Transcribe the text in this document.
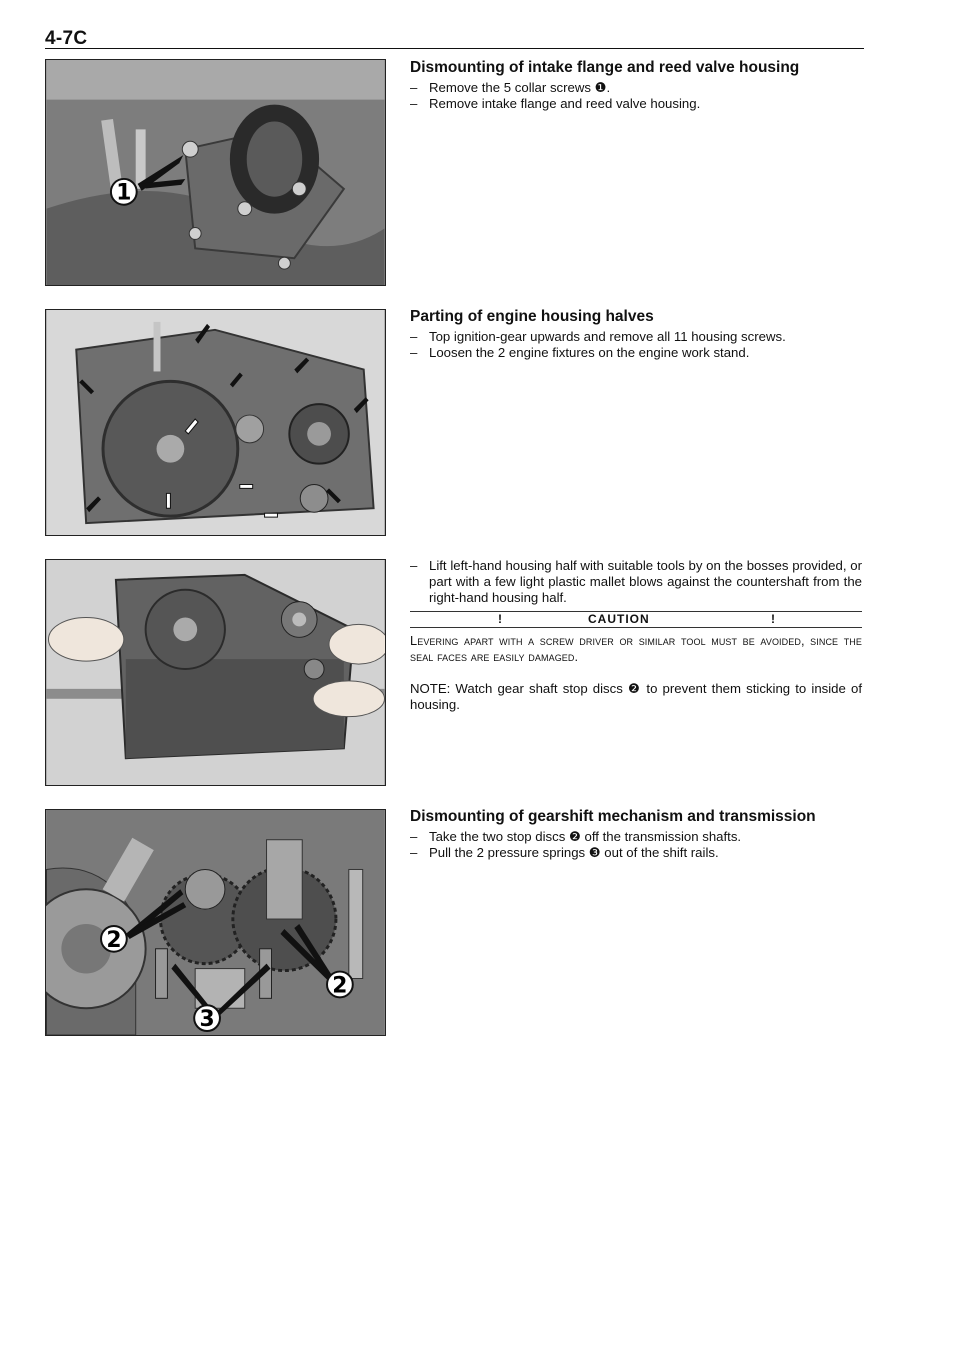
4-7C
1
2
2
3
Dismounting of intake flange and reed valve housing
– Remove the 5 collar screws ❶.
– Remove intake flange and reed valve housing.
Parting of engine housing halves
– Top ignition-gear upwards and remove all 11 housing screws.
– Loosen the 2 engine fixtures on the engine work stand.
– Lift left-hand housing half with suitable tools by on the bosses provided, or part with a few light plastic mallet blows against the countershaft from the right-hand housing half.
!	CAUTION	!
Levering apart with a screw driver or similar tool must be avoided, since the seal faces are easily damaged.
NOTE: Watch gear shaft stop discs ❷ to prevent them sticking to inside of housing.
Dismounting of gearshift mechanism and transmission
– Take the two stop discs ❷ off the transmission shafts.
– Pull the 2 pressure springs ❸ out of the shift rails.
